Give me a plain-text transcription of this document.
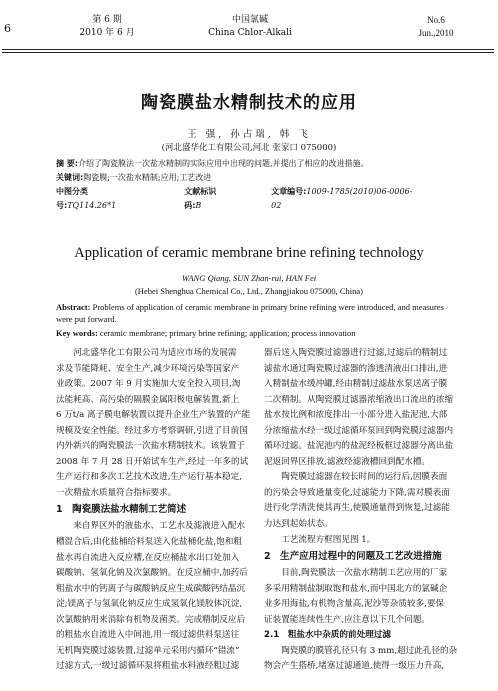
6
第 6 期
2010 年 6 月
中国氯碱
China Chlor-Alkali
No.6
Jun.,2010
陶瓷膜盐水精制技术的应用
王 强, 孙占瑞, 韩 飞
(河北盛华化工有限公司,河北 张家口 075000)
摘 要:介绍了陶瓷膜法一次盐水精制的实际应用中出现的问题,并提出了相应的改进措施。
关键词:陶瓷膜;一次盐水精制;应用;工艺改进
中图分类号:TQ114.26*1
文献标识码:B
文章编号:1009-1785(2010)06-0006-02
Application of ceramic membrane brine refining technology
WANG Qiang, SUN Zhan-rui, HAN Fei
(Hebei Shenghua Chemical Co., Ltd., Zhangjiakou 075000, China)
Abstract: Problems of application of ceramic membrane in primary brine refining were introduced, and measures were put forward.
Key words: ceramic membrane; primary brine refining; application; process innovation

　　河北盛华化工有限公司为适应市场的发展需
求及节能降耗、安全生产,减少环境污染等国家产
业政策。2007 年 9 月实施加大安全投入项目,淘
汰能耗高、高污染的隔膜金属阳极电解装置,新上
6 万t/a 离子膜电解装置以提升企业生产装置的产能
规模及安全性能。经过多方考察调研,引进了目前国
内外新兴的陶瓷膜法一次盐水精制技术。该装置于
2008 年 7 月 28 日开始试车生产,经过一年多的试
生产运行和多次工艺技术改进,生产运行基本稳定,
一次精盐水质量符合指标要求。

1　陶瓷膜法盐水精制工艺简述

　　来自界区外的液盐水、工艺水及滤液进入配水
槽混合后,由化盐桶给料泵送入化盐桶化盐,饱和粗
盐水再自流进入反应槽,在反应桶盐水出口处加入
碳酸钠、氢氧化钠及次氯酸钠。在反应桶中,加药后
粗盐水中的钙离子与碳酸钠反应生成碳酸钙结晶沉
淀;镁离子与氢氧化钠反应生成氢氧化镁胶体沉淀,
次氯酸钠用来消除有机物及菌类。完成精制反应后
的粗盐水自流进入中间池,用一级过滤供料泵送往
无机陶瓷膜过滤装置,过滤单元采用内循环“错流”
过滤方式,一级过滤循环泵将粗盐水料液经粗过滤

器后送入陶瓷膜过滤器进行过滤,过滤后的精制过
滤盐水通过陶瓷膜过滤器的渗透清液出口排出,进
入精制盐水缓冲罐,经由精制过滤盐水泵送离子膜
二次精制。从陶瓷膜过滤器浓缩液出口流出的浓缩
盐水按比例和浓度排出一小部分进入盐泥池,大部
分浓缩盐水经一级过滤循环泵回到陶瓷膜过滤器内
循环过滤。盐泥池内的盐泥经板框过滤器分离出盐
泥返回界区排放,滤液经滤液槽回到配水槽。

　　陶瓷膜过滤器在较长时间的运行后,因膜表面
的污染会导致通量变化,过滤能力下降,需对膜表面
进行化学清洗使其再生,使膜通量得到恢复,过滤能
力达到起始状态。

　　工艺流程方框图见图 1。

2　生产应用过程中的问题及工艺改进措施

　　目前,陶瓷膜法一次盐水精制工艺应用的厂家
多采用精制盐制取饱和盐水,而中国北方的氯碱企
业多用海盐,有机物含量高,泥沙等杂质较多,要保
证装置能连续性生产,应注意以下几个问题。

2.1　粗盐水中杂质的前处理过滤

　　陶瓷膜的膜管孔径只有 3 mm,超过此孔径的杂
物会产生搭桥,堵塞过滤通道,使得一级压力升高,
